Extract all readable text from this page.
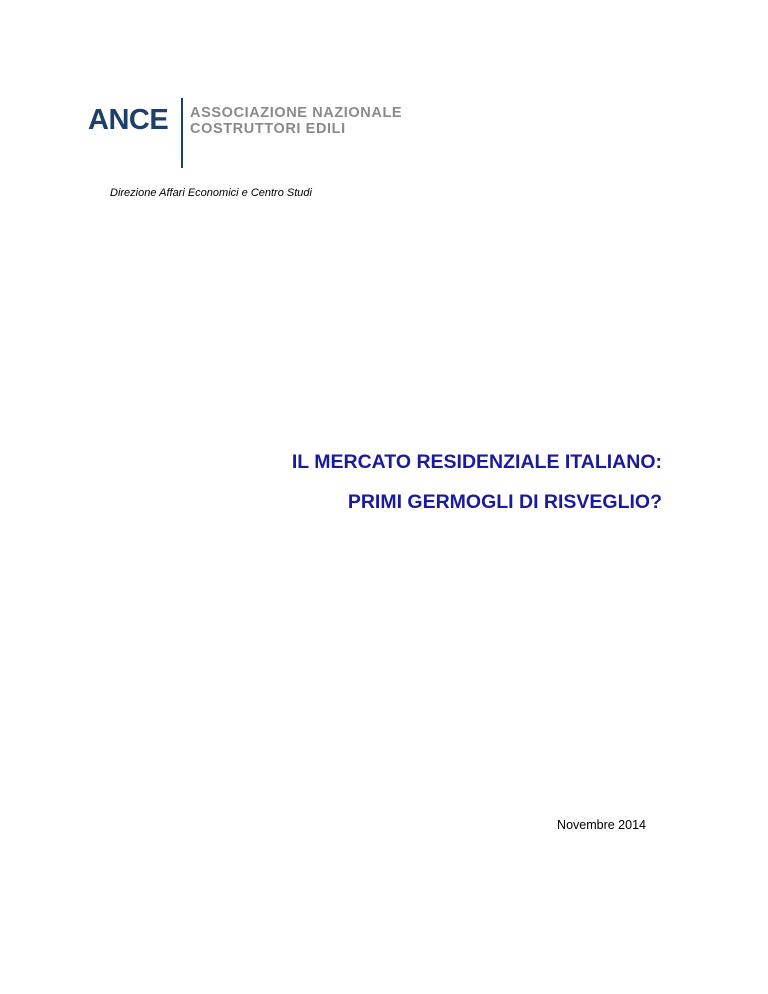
ANCE ASSOCIAZIONE NAZIONALE
COSTRUTTORI EDILI
Direzione Affari Economici e Centro Studi
IL MERCATO RESIDENZIALE ITALIANO:
PRIMI GERMOGLI DI RISVEGLIO?
Novembre 2014
